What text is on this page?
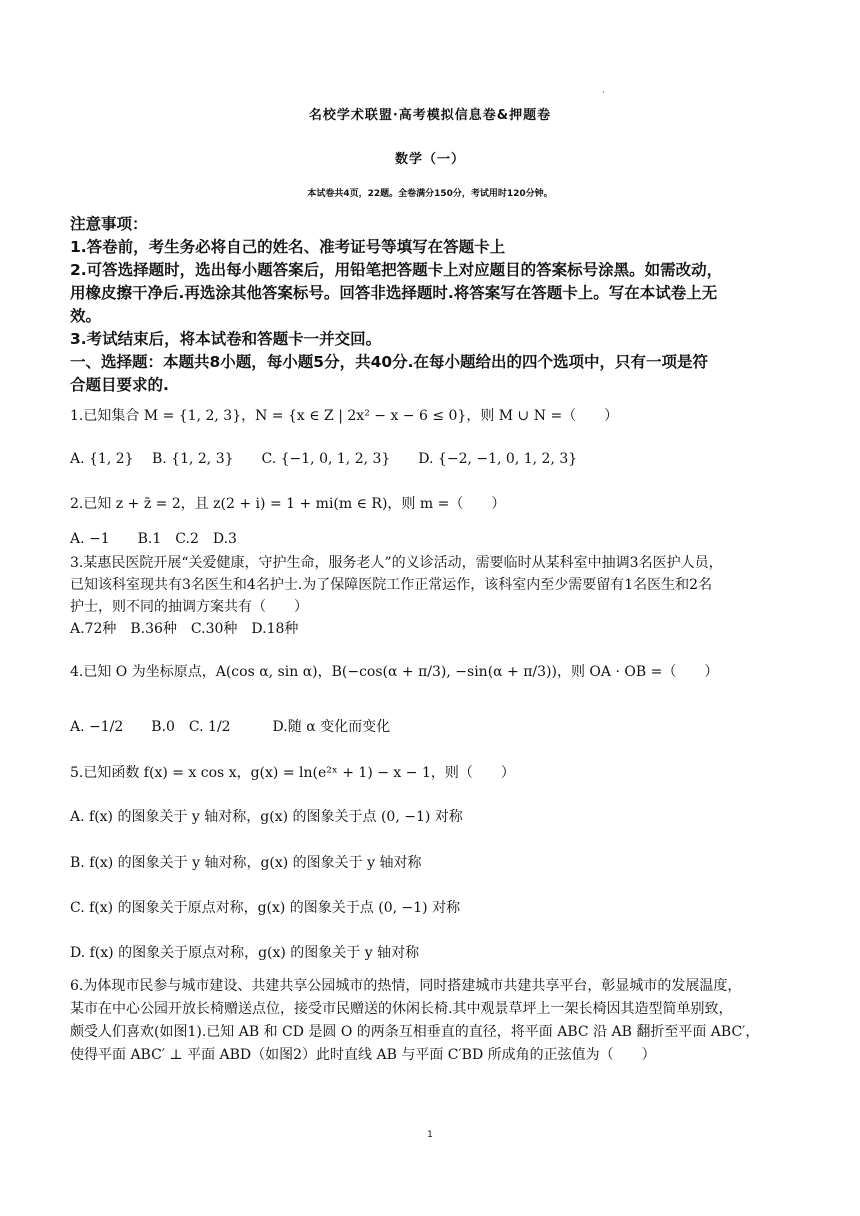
·
名校学术联盟·高考模拟信息卷&押题卷
数学（一）
本试卷共4页，22题。全卷满分150分，考试用时120分钟。
注意事项：
1.答卷前，考生务必将自己的姓名、准考证号等填写在答题卡上
2.可答选择题时，选出每小题答案后，用铅笔把答题卡上对应题目的答案标号涂黑。如需改动，
用橡皮擦干净后.再选涂其他答案标号。回答非选择题时.将答案写在答题卡上。写在本试卷上无
效。
3.考试结束后，将本试卷和答题卡一并交回。
一、选择题：本题共8小题，每小题5分，共40分.在每小题给出的四个选项中，只有一项是符
合题目要求的.
1.已知集合 M = {1, 2, 3}，N = {x ∈ Z | 2x² − x − 6 ≤ 0}，则 M ∪ N =（　　）
A. {1, 2}　 B. {1, 2, 3}　　C. {−1, 0, 1, 2, 3}　　D. {−2, −1, 0, 1, 2, 3}
2.已知 z + z̄ = 2，且 z(2 + i) = 1 + mi(m ∈ R)，则 m =（　　）
A. −1　　B.1　C.2　D.3
3.某惠民医院开展“关爱健康，守护生命，服务老人”的义诊活动，需要临时从某科室中抽调3名医护人员，
已知该科室现共有3名医生和4名护士.为了保障医院工作正常运作，该科室内至少需要留有1名医生和2名
护士，则不同的抽调方案共有（　　）
A.72种　B.36种　C.30种　D.18种
4.已知 O 为坐标原点，A(cos α, sin α)，B(−cos(α + π/3), −sin(α + π/3))，则 OA · OB =（　　）
A. −1/2　　B.0　C. 1/2　　　D.随 α 变化而变化
5.已知函数 f(x) = x cos x，g(x) = ln(e²ˣ + 1) − x − 1，则（　　）
A. f(x) 的图象关于 y 轴对称，g(x) 的图象关于点 (0, −1) 对称
B. f(x) 的图象关于 y 轴对称，g(x) 的图象关于 y 轴对称
C. f(x) 的图象关于原点对称，g(x) 的图象关于点 (0, −1) 对称
D. f(x) 的图象关于原点对称，g(x) 的图象关于 y 轴对称
6.为体现市民参与城市建设、共建共享公园城市的热情，同时搭建城市共建共享平台，彰显城市的发展温度，
某市在中心公园开放长椅赠送点位，接受市民赠送的休闲长椅.其中观景草坪上一架长椅因其造型简单别致，
颇受人们喜欢(如图1).已知 AB 和 CD 是圆 O 的两条互相垂直的直径，将平面 ABC 沿 AB 翻折至平面 ABC′，
使得平面 ABC′ ⊥ 平面 ABD（如图2）此时直线 AB 与平面 C′BD 所成角的正弦值为（　　）
1
